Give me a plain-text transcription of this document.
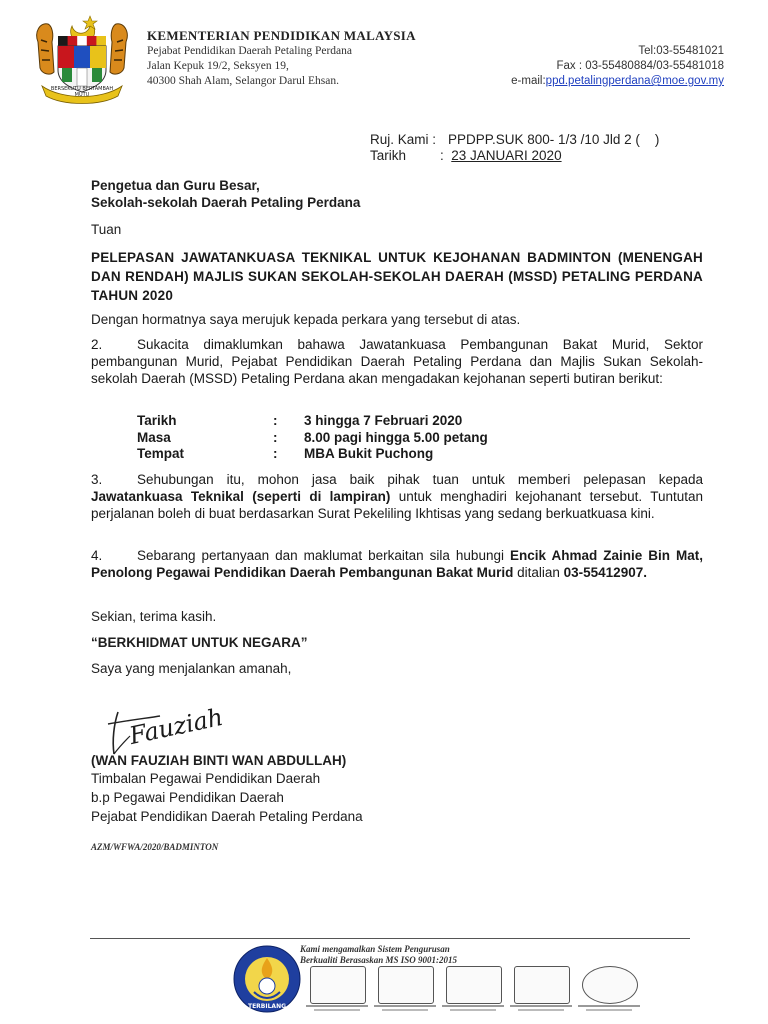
BERSEKUTU BERTAMBAH MUTU
KEMENTERIAN PENDIDIKAN MALAYSIA
Pejabat Pendidikan Daerah Petaling Perdana
Jalan Kepuk 19/2, Seksyen 19,
40300 Shah Alam, Selangor Darul Ehsan.
Tel:03-55481021
Fax : 03-55480884/03-55481018
e-mail:ppd.petalingperdana@moe.gov.my
Ruj. Kami : PPDPP.SUK 800- 1/3 /10 Jld 2 (    )
Tarikh	:  23 JANUARI 2020
Pengetua dan Guru Besar,
Sekolah-sekolah Daerah Petaling Perdana
Tuan
PELEPASAN JAWATANKUASA TEKNIKAL UNTUK KEJOHANAN BADMINTON (MENENGAH DAN RENDAH) MAJLIS SUKAN SEKOLAH-SEKOLAH DAERAH (MSSD) PETALING PERDANA TAHUN 2020
Dengan hormatnya saya merujuk kepada perkara yang tersebut di atas.
2.	Sukacita dimaklumkan bahawa Jawatankuasa Pembangunan Bakat Murid, Sektor pembangunan Murid, Pejabat Pendidikan Daerah Petaling Perdana dan Majlis Sukan Sekolah-sekolah Daerah (MSSD) Petaling Perdana akan mengadakan kejohanan seperti butiran berikut:
Tarikh	: 3 hingga 7 Februari 2020
Masa	: 8.00 pagi hingga 5.00 petang
Tempat	: MBA Bukit Puchong
3.	Sehubungan itu, mohon jasa baik pihak tuan untuk memberi pelepasan kepada Jawatankuasa Teknikal (seperti di lampiran) untuk menghadiri kejohanant tersebut. Tuntutan perjalanan boleh di buat berdasarkan Surat Pekeliling Ikhtisas yang sedang berkuatkuasa kini.
4.	Sebarang pertanyaan dan maklumat berkaitan sila hubungi Encik Ahmad Zainie Bin Mat, Penolong Pegawai Pendidikan Daerah Pembangunan Bakat Murid ditalian 03-55412907.
Sekian, terima kasih.
“BERKHIDMAT UNTUK NEGARA”
Saya yang menjalankan amanah,
Fauziah
(WAN FAUZIAH BINTI WAN ABDULLAH)
Timbalan Pegawai Pendidikan Daerah
b.p Pegawai Pendidikan Daerah
Pejabat Pendidikan Daerah Petaling Perdana
AZM/WFWA/2020/BADMINTON
Kami mengamalkan Sistem Pengurusan
Berkualiti Berasaskan MS ISO 9001:2015
TERBILANG
